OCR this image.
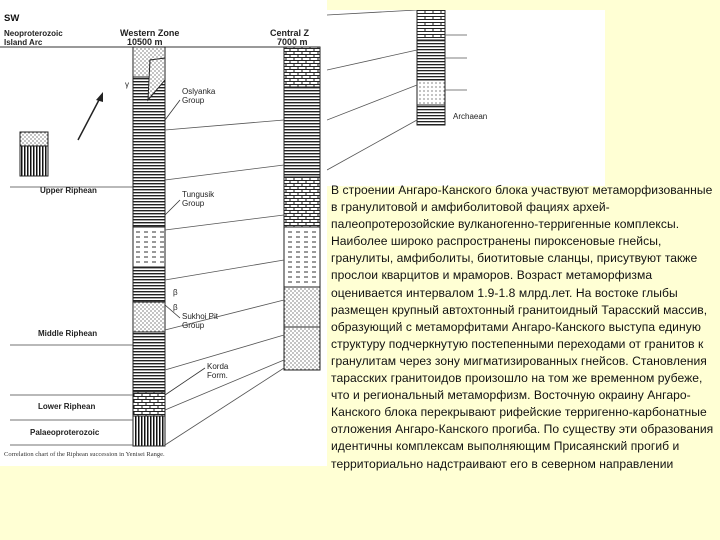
SW
Neoproterozoic
Island Arc
Western Zone
10500 m
Central Z
7000 m
Oslyanka
Group
Tungusik
Group
Sukhoi Pit
Group
Korda
Form.
Upper Riphean
Middle Riphean
Lower Riphean
Palaeoproterozoic
γ
β
β
Correlation chart of the Riphean succession in Yenisei Range.
Archaean
В строении Ангаро-Канского блока участвуют метаморфизованные в гранулитовой и амфиболитовой фациях архей-палеопротерозойские вулканогенно-терригенные комплексы. Наиболее широко распространены пироксеновые гнейсы, гранулиты, амфиболиты, биотитовые сланцы, присутвуют также прослои кварцитов и мраморов. Возраст метаморфизма оценивается интервалом 1.9-1.8 млрд.лет. На востоке глыбы размещен крупный автохтонный гранитоидный Тарасский массив, образующий с метаморфитами Ангаро-Канского выступа единую структуру подчеркнутую постепенными переходами от гранитов к гранулитам через зону мигматизированных гнейсов. Становления тарасских гранитоидов произошло на том же временном рубеже, что и региональный метаморфизм. Восточную окраину Ангаро-Канского блока перекрывают рифейские терригенно-карбонатные отложения Ангаро-Канского прогиба. По существу эти образования идентичны комплексам выполняющим Присаянский прогиб и территориально надстраивают его в северном направлении
